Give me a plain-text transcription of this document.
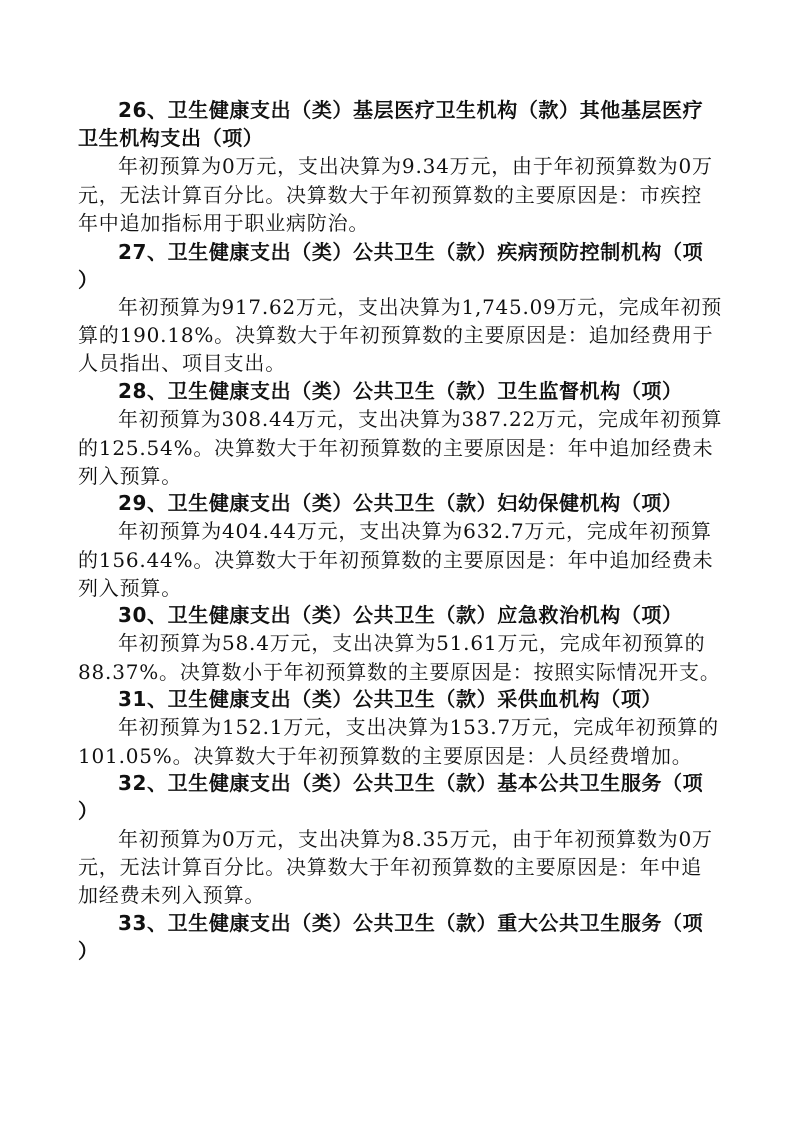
26、卫生健康支出（类）基层医疗卫生机构（款）其他基层医疗
卫生机构支出（项）
年初预算为0万元，支出决算为9.34万元，由于年初预算数为0万
元，无法计算百分比。决算数大于年初预算数的主要原因是：市疾控
年中追加指标用于职业病防治。
27、卫生健康支出（类）公共卫生（款）疾病预防控制机构（项
）
年初预算为917.62万元，支出决算为1,745.09万元，完成年初预
算的190.18%。决算数大于年初预算数的主要原因是：追加经费用于
人员指出、项目支出。
28、卫生健康支出（类）公共卫生（款）卫生监督机构（项）
年初预算为308.44万元，支出决算为387.22万元，完成年初预算
的125.54%。决算数大于年初预算数的主要原因是：年中追加经费未
列入预算。
29、卫生健康支出（类）公共卫生（款）妇幼保健机构（项）
年初预算为404.44万元，支出决算为632.7万元，完成年初预算
的156.44%。决算数大于年初预算数的主要原因是：年中追加经费未
列入预算。
30、卫生健康支出（类）公共卫生（款）应急救治机构（项）
年初预算为58.4万元，支出决算为51.61万元，完成年初预算的
88.37%。决算数小于年初预算数的主要原因是：按照实际情况开支。
31、卫生健康支出（类）公共卫生（款）采供血机构（项）
年初预算为152.1万元，支出决算为153.7万元，完成年初预算的
101.05%。决算数大于年初预算数的主要原因是：人员经费增加。
32、卫生健康支出（类）公共卫生（款）基本公共卫生服务（项
）
年初预算为0万元，支出决算为8.35万元，由于年初预算数为0万
元，无法计算百分比。决算数大于年初预算数的主要原因是：年中追
加经费未列入预算。
33、卫生健康支出（类）公共卫生（款）重大公共卫生服务（项
）
